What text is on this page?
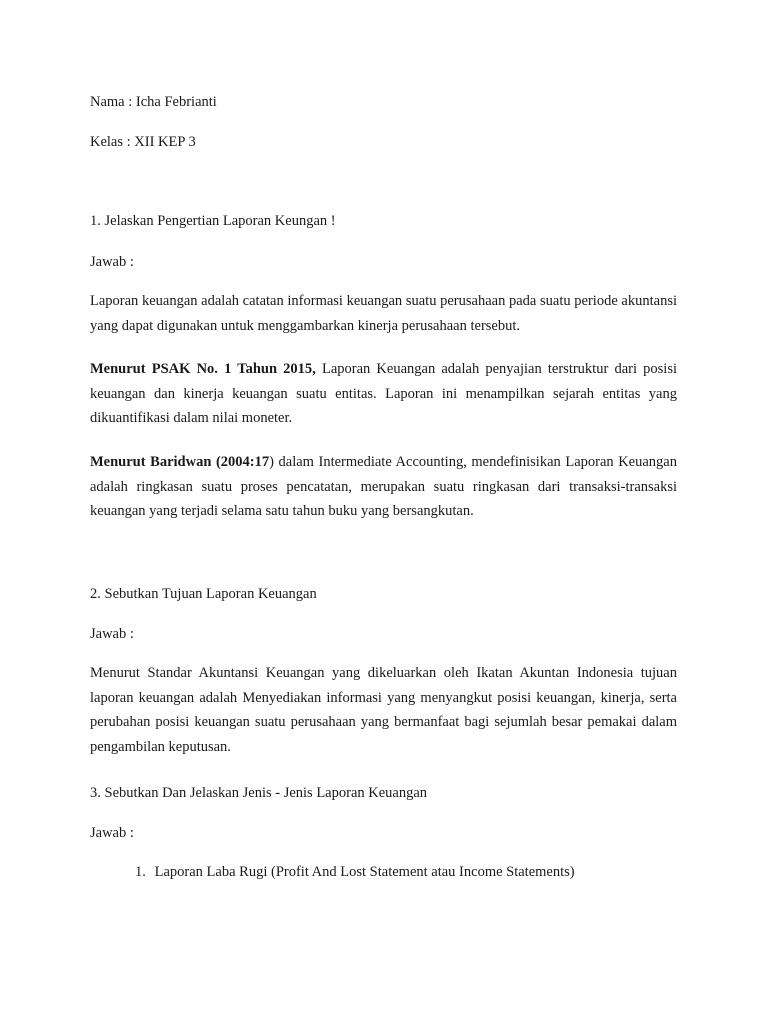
Nama : Icha Febrianti

Kelas : XII KEP 3

1. Jelaskan Pengertian Laporan Keungan !

Jawab :

Laporan keuangan adalah catatan informasi keuangan suatu perusahaan pada suatu periode akuntansi yang dapat digunakan untuk menggambarkan kinerja perusahaan tersebut.

Menurut PSAK No. 1 Tahun 2015, Laporan Keuangan adalah penyajian terstruktur dari posisi keuangan dan kinerja keuangan suatu entitas. Laporan ini menampilkan sejarah entitas yang dikuantifikasi dalam nilai moneter.

Menurut Baridwan (2004:17) dalam Intermediate Accounting, mendefinisikan Laporan Keuangan adalah ringkasan suatu proses pencatatan, merupakan suatu ringkasan dari transaksi-transaksi keuangan yang terjadi selama satu tahun buku yang bersangkutan.

2. Sebutkan Tujuan Laporan Keuangan

Jawab :

Menurut Standar Akuntansi Keuangan yang dikeluarkan oleh Ikatan Akuntan Indonesia tujuan laporan keuangan adalah Menyediakan informasi yang menyangkut posisi keuangan, kinerja, serta perubahan posisi keuangan suatu perusahaan yang bermanfaat bagi sejumlah besar pemakai dalam pengambilan keputusan.

3. Sebutkan Dan Jelaskan Jenis - Jenis Laporan Keuangan

Jawab :

1. Laporan Laba Rugi (Profit And Lost Statement atau Income Statements)
